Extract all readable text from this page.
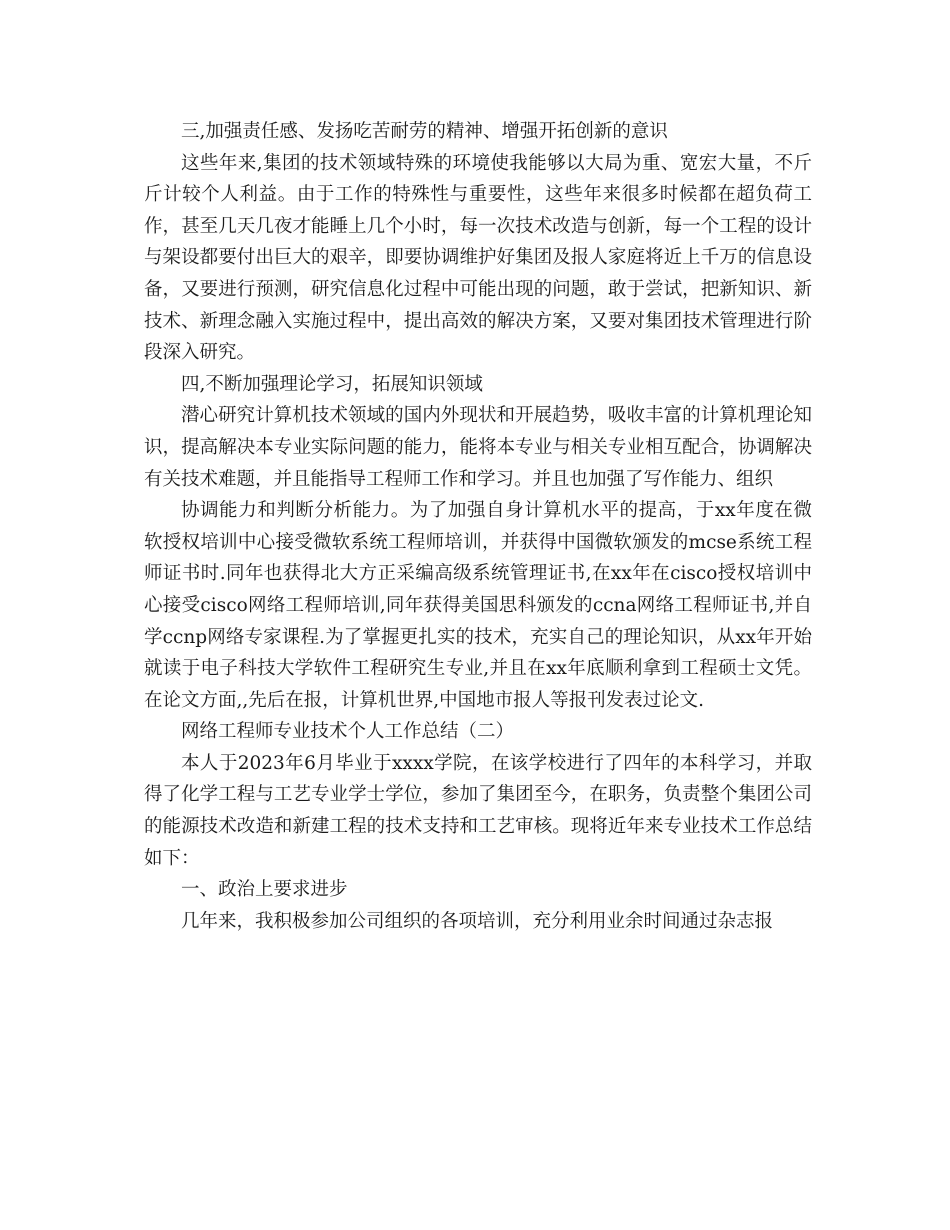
三,加强责任感、发扬吃苦耐劳的精神、增强开拓创新的意识

这些年来,集团的技术领域特殊的环境使我能够以大局为重、宽宏大量，不斤斤计较个人利益。由于工作的特殊性与重要性，这些年来很多时候都在超负荷工作，甚至几天几夜才能睡上几个小时，每一次技术改造与创新，每一个工程的设计与架设都要付出巨大的艰辛，即要协调维护好集团及报人家庭将近上千万的信息设备，又要进行预测，研究信息化过程中可能出现的问题，敢于尝试，把新知识、新技术、新理念融入实施过程中，提出高效的解决方案，又要对集团技术管理进行阶段深入研究。

四,不断加强理论学习，拓展知识领域

潜心研究计算机技术领域的国内外现状和开展趋势，吸收丰富的计算机理论知识，提高解决本专业实际问题的能力，能将本专业与相关专业相互配合，协调解决有关技术难题，并且能指导工程师工作和学习。并且也加强了写作能力、组织

协调能力和判断分析能力。为了加强自身计算机水平的提高，于xx年度在微软授权培训中心接受微软系统工程师培训，并获得中国微软颁发的mcse系统工程师证书时.同年也获得北大方正采编高级系统管理证书,在xx年在cisco授权培训中心接受cisco网络工程师培训,同年获得美国思科颁发的ccna网络工程师证书,并自学ccnp网络专家课程.为了掌握更扎实的技术，充实自己的理论知识，从xx年开始就读于电子科技大学软件工程研究生专业,并且在xx年底顺利拿到工程硕士文凭。在论文方面,,先后在报，计算机世界,中国地市报人等报刊发表过论文.

网络工程师专业技术个人工作总结（二）

本人于2023年6月毕业于xxxx学院，在该学校进行了四年的本科学习，并取得了化学工程与工艺专业学士学位，参加了集团至今，在职务，负责整个集团公司的能源技术改造和新建工程的技术支持和工艺审核。现将近年来专业技术工作总结如下：

一、政治上要求进步

几年来，我积极参加公司组织的各项培训，充分利用业余时间通过杂志报
